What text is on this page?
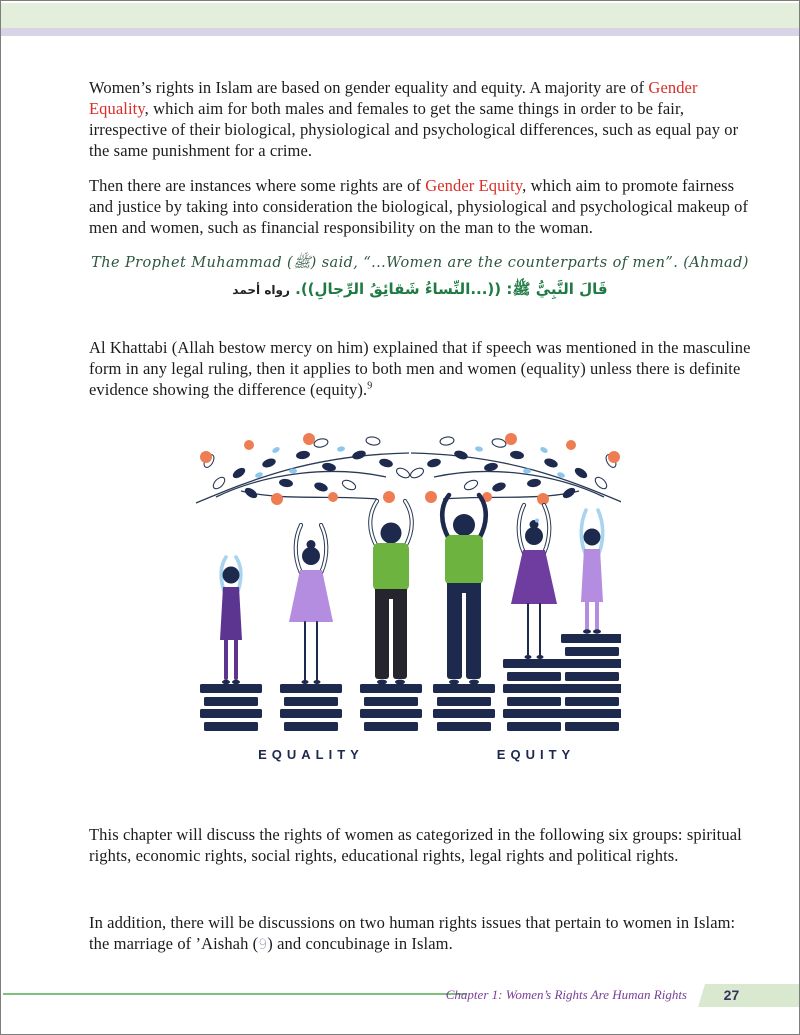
Women’s rights in Islam are based on gender equality and equity. A majority are of Gender Equality, which aim for both males and females to get the same things in order to be fair, irrespective of their biological, physiological and psychological differences, such as equal pay or the same punishment for a crime.

Then there are instances where some rights are of Gender Equity, which aim to promote fairness and justice by taking into consideration the biological, physiological and psychological makeup of men and women, such as financial responsibility on the man to the woman.

The Prophet Muhammad (ﷺ) said, “...Women are the counterparts of men”. (Ahmad)
قَالَ النَّبِيُّ ﷺ: ((...النِّساءُ شَقائِقُ الرِّجالِ)). رواه أحمد

Al Khattabi (Allah bestow mercy on him) explained that if speech was mentioned in the masculine form in any legal ruling, then it applies to both men and women (equality) unless there is definite evidence showing the difference (equity).$^9$

EQUALITY	EQUITY

This chapter will discuss the rights of women as categorized in the following six groups: spiritual rights, economic rights, social rights, educational rights, legal rights and political rights.

In addition, there will be discussions on two human rights issues that pertain to women in Islam: the marriage of ’Aishah (9) and concubinage in Islam.

Chapter 1: Women’s Rights Are Human Rights	27
